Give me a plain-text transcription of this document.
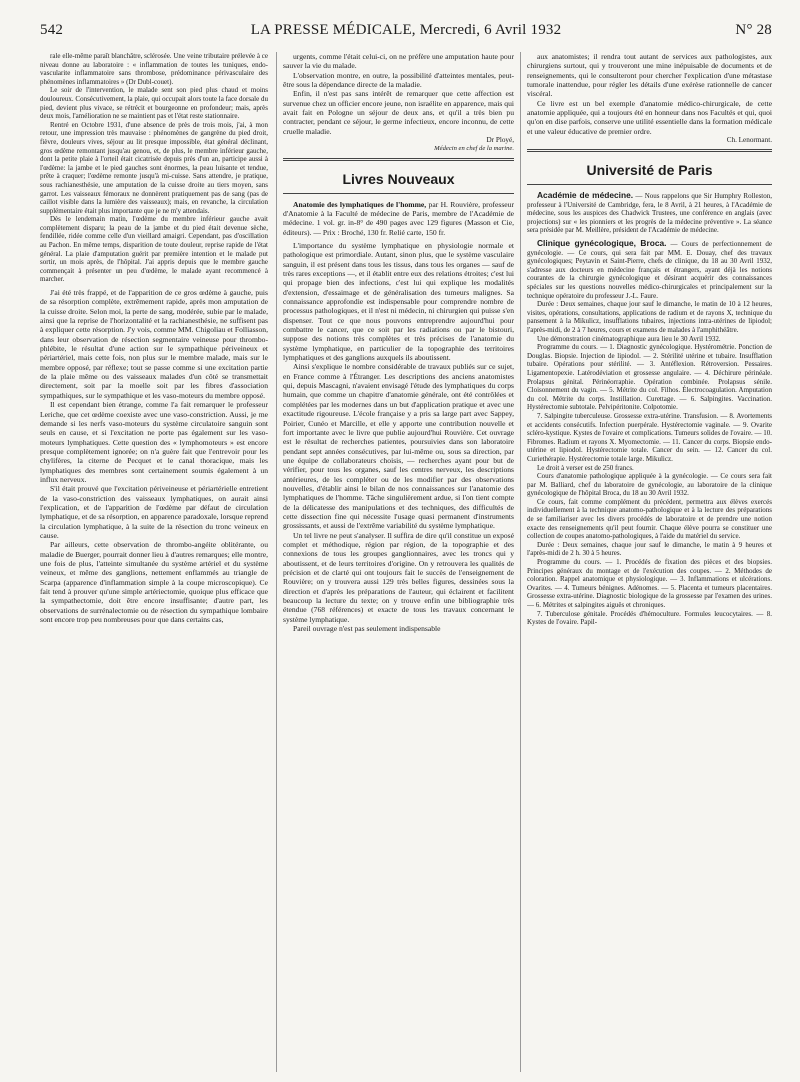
542	LA PRESSE MÉDICALE, Mercredi, 6 Avril 1932	N° 28

rale elle-même paraît blanchâtre, sclérosée. Une veine tributaire prélevée à ce niveau donne au laboratoire : « inflammation de toutes les tuniques, endo-vascularite inflammatoire sans thrombose, prédominance périvasculaire des phénomènes inflammatoires » (Dr Dubl-couet).

Le soir de l'intervention, le malade sent son pied plus chaud et moins douloureux. Consécutivement, la plaie, qui occupait alors toute la face dorsale du pied, devient plus vivace, se rétrécit et bourgeonne en profondeur; mais, après deux mois, l'amélioration ne se maintient pas et l'état reste stationnaire.

Rentré en Octobre 1931, d'une absence de près de trois mois, j'ai, à mon retour, une impression très mauvaise : phénomènes de gangrène du pied droit, fièvre, douleurs vives, séjour au lit presque impossible, état général déclinant, gros œdème remontant jusqu'au genou, et, de plus, le membre inférieur gauche, dont la petite plaie à l'orteil était cicatrisée depuis près d'un an, participe aussi à l'œdème: la jambe et le pied gauches sont énormes, la peau luisante et tendue, prête à craquer; l'œdème remonte jusqu'à mi-cuisse. Sans attendre, je pratique, sous rachianesthésie, une amputation de la cuisse droite au tiers moyen, sans garrot. Les vaisseaux fémoraux ne donnèrent pratiquement pas de sang (pas de caillot visible dans la lumière des vaisseaux); mais, en revanche, la circulation supplémentaire était plus importante que je ne m'y attendais.

Dès le lendemain matin, l'œdème du membre inférieur gauche avait complètement disparu; la peau de la jambe et du pied était devenue sèche, fendillée, ridée comme celle d'un vieillard amaigri. Cependant, pas d'oscillation au Pachon. En même temps, disparition de toute douleur, reprise rapide de l'état général. La plaie d'amputation guérit par première intention et le malade put sortir, un mois après, de l'hôpital. J'ai appris depuis que le membre gauche commençait à présenter un peu d'œdème, le malade ayant recommencé à marcher.

J'ai été très frappé, et de l'apparition de ce gros œdème à gauche, puis de sa résorption complète, extrêmement rapide, après mon amputation de la cuisse droite. Selon moi, la perte de sang, modérée, subie par le malade, ainsi que la reprise de l'horizontalité et la rachianesthésie, ne suffisent pas à expliquer cette résorption. J'y vois, comme MM. Chigoliau et Folliasson, dans leur observation de résection segmentaire veineuse pour thrombo-phlébite, le résultat d'une action sur le sympathique périveineux et périartériel, mais cette fois, non plus sur le membre malade, mais sur le membre opposé, par réflexe; tout se passe comme si une excitation partie de la plaie même ou des vaisseaux malades d'un côté se transmettait directement, soit par la moelle soit par les fibres d'association sympathiques, sur le sympathique et les vaso-moteurs du membre opposé.

Il est cependant bien étrange, comme l'a fait remarquer le professeur Leriche, que cet œdème coexiste avec une vaso-constriction. Aussi, je me demande si les nerfs vaso-moteurs du système circulatoire sanguin sont seuls en cause, et si l'excitation ne porte pas également sur les vaso-moteurs lymphatiques. Cette question des « lymphomoteurs » est encore presque complètement ignorée; on n'a guère fait que l'entrevoir pour les chylifères, la citerne de Pecquet et le canal thoracique, mais les lymphatiques des membres sont certainement soumis également à un influx nerveux.

S'il était prouvé que l'excitation périveineuse et périartérielle entretient de la vaso-constriction des vaisseaux lymphatiques, on aurait ainsi l'explication, et de l'apparition de l'œdème par défaut de circulation lymphatique, et de sa résorption, en apparence paradoxale, lorsque reprend la circulation lymphatique, à la suite de la résection du tronc veineux en cause.

Par ailleurs, cette observation de thrombo-angéite oblitérante, ou maladie de Buerger, pourrait donner lieu à d'autres remarques; elle montre, une fois de plus, l'atteinte simultanée du système artériel et du système veineux, et même des ganglions, nettement enflammés au triangle de Scarpa (apparence d'inflammation simple à la coupe microscopique). Ce fait tend à prouver qu'une simple artériectomie, quoique plus efficace que la sympathectomie, doit être encore insuffisante; d'autre part, les observations de surrénalectomie ou de résection du sympathique lombaire sont encore trop peu nombreuses pour que dans certains cas,

urgents, comme l'était celui-ci, on ne préfère une amputation haute pour sauver la vie du malade.

L'observation montre, en outre, la possibilité d'atteintes mentales, peut-être sous la dépendance directe de la maladie.

Enfin, il n'est pas sans intérêt de remarquer que cette affection est survenue chez un officier encore jeune, non israélite en apparence, mais qui avait fait en Pologne un séjour de deux ans, et qu'il a très bien pu contracter, pendant ce séjour, le germe infectieux, encore inconnu, de cette cruelle maladie.

Dr Ployé,
Médecin en chef de la marine.
Livres Nouveaux

Anatomie des lymphatiques de l'homme, par H. Rouvière, professeur d'Anatomie à la Faculté de médecine de Paris, membre de l'Académie de médecine. 1 vol. gr. in-8° de 490 pages avec 129 figures (Masson et Cie, éditeurs). — Prix : Broché, 130 fr. Relié carte, 150 fr.

L'importance du système lymphatique en physiologie normale et pathologique est primordiale. Autant, sinon plus, que le système vasculaire sanguin, il est présent dans tous les tissus, dans tous les organes — sauf de très rares exceptions —, et il établit entre eux des relations étroites; c'est lui qui propage bien des infections, c'est lui qui explique les modalités d'extension, d'essaimage et de généralisation des tumeurs malignes. Sa connaissance approfondie est indispensable pour comprendre nombre de processus pathologiques, et il n'est ni médecin, ni chirurgien qui puisse s'en dispenser. Tout ce que nous pouvons entreprendre aujourd'hui pour combattre le cancer, que ce soit par les radiations ou par le bistouri, suppose des notions très complètes et très précises de l'anatomie du système lymphatique, en particulier de la topographie des territoires lymphatiques et des ganglions auxquels ils aboutissent.

Ainsi s'explique le nombre considérable de travaux publiés sur ce sujet, en France comme à l'Étranger. Les descriptions des anciens anatomistes qui, depuis Mascagni, n'avaient envisagé l'étude des lymphatiques du corps humain, que comme un chapitre d'anatomie générale, ont été contrôlées et complétées par les modernes dans un but d'application pratique et avec une exactitude rigoureuse. L'école française y a pris sa large part avec Sappey, Poirier, Cunéo et Marcille, et elle y apporte une contribution nouvelle et fort importante avec le livre que publie aujourd'hui Rouvière. Cet ouvrage est le résultat de recherches patientes, poursuivies dans son laboratoire pendant sept années consécutives, par lui-même ou, sous sa direction, par une équipe de collaborateurs choisis, — recherches ayant pour but de vérifier, pour tous les organes, sauf les centres nerveux, les descriptions antérieures, de les compléter ou de les modifier par des observations nouvelles, d'établir ainsi le bilan de nos connaissances sur l'anatomie des lymphatiques de l'homme. Tâche singulièrement ardue, si l'on tient compte de la délicatesse des manipulations et des techniques, des difficultés de cette dissection fine qui nécessite l'usage quasi permanent d'instruments grossissants, et aussi de l'extrême variabilité du système lymphatique.

Un tel livre ne peut s'analyser. Il suffira de dire qu'il constitue un exposé complet et méthodique, région par région, de la topographie et des connexions de tous les groupes ganglionnaires, avec les troncs qui y aboutissent, et de leurs territoires d'origine. On y retrouvera les qualités de précision et de clarté qui ont toujours fait le succès de l'enseignement de Rouvière; on y trouvera aussi 129 très belles figures, dessinées sous la direction et d'après les préparations de l'auteur, qui éclairent et facilitent beaucoup la lecture du texte; on y trouve enfin une bibliographie très étendue (768 références) et exacte de tous les travaux concernant le système lymphatique.

Pareil ouvrage n'est pas seulement indispensable

aux anatomistes; il rendra tout autant de services aux pathologistes, aux chirurgiens surtout, qui y trouveront une mine inépuisable de documents et de renseignements, qui le consulteront pour chercher l'explication d'une métastase tumorale inattendue, pour régler les détails d'une exérèse rationnelle de cancer viscéral.

Ce livre est un bel exemple d'anatomie médico-chirurgicale, de cette anatomie appliquée, qui a toujours été en honneur dans nos Facultés et qui, quoi qu'on en dise parfois, conserve une utilité essentielle dans la formation médicale et une valeur éducative de premier ordre.

Ch. Lenormant.
Université de Paris

Académie de médecine. — Nous rappelons que Sir Humphry Rolleston, professeur à l'Université de Cambridge, fera, le 8 Avril, à 21 heures, à l'Académie de médecine, sous les auspices des Chadwick Trustees, une conférence en anglais (avec projections) sur « les pionniers et les progrès de la médecine préventive ». La séance sera présidée par M. Meillère, président de l'Académie de médecine.

Clinique gynécologique, Broca. — Cours de perfectionnement de gynécologie. — Ce cours, qui sera fait par MM. E. Douay, chef des travaux gynécologiques; Peytavin et Saint-Pierre, chefs de clinique, du 18 au 30 Avril 1932, s'adresse aux docteurs en médecine français et étrangers, ayant déjà les notions courantes de la chirurgie gynécologique et désirant acquérir des connaissances spéciales sur les questions nouvelles médico-chirurgicales et principalement sur la technique opératoire du professeur J.-L. Faure.

Durée : Deux semaines, chaque jour sauf le dimanche, le matin de 10 à 12 heures, visites, opérations, consultations, applications de radium et de rayons X, technique du pansement à la Mikulicz, insufflations tubaires, injections intra-utérines de lipiodol; l'après-midi, de 2 à 7 heures, cours et examens de malades à l'amphithéâtre.

Une démonstration cinématographique aura lieu le 30 Avril 1932.

Programme du cours. — 1. Diagnostic gynécologique. Hystérométrie. Ponction de Douglas. Biopsie. Injection de lipiodol. — 2. Stérilité utérine et tubaire. Insufflation tubaire. Opérations pour stérilité. — 3. Antéflexion. Rétroversion. Pessaires. Ligamentopexie. Latérodéviation et grossesse angulaire. — 4. Déchirure périnéale. Prolapsus génital. Périnéorraphie. Opération combinée. Prolapsus sénile. Cloisonnement du vagin. — 5. Métrite du col. Filhos. Électrocoagulation. Amputation du col. Métrite du corps. Instillation. Curettage. — 6. Salpingites. Vaccination. Hystérectomie subtotale. Pelvipéritonite. Colpotomie.

7. Salpingite tuberculeuse. Grossesse extra-utérine. Transfusion. — 8. Avortements et accidents consécutifs. Infection puerpérale. Hystérectomie vaginale. — 9. Ovarite scléro-kystique. Kystes de l'ovaire et complications. Tumeurs solides de l'ovaire. — 10. Fibromes. Radium et rayons X. Myomectomie. — 11. Cancer du corps. Biopsie endo-utérine et lipiodol. Hystérectomie totale. Cancer du sein. — 12. Cancer du col. Curiethérapie. Hystérectomie totale large. Mikulicz.

Le droit à verser est de 250 francs.

Cours d'anatomie pathologique appliquée à la gynécologie. — Ce cours sera fait par M. Balliard, chef du laboratoire de gynécologie, au laboratoire de la clinique gynécologique de l'hôpital Broca, du 18 au 30 Avril 1932.

Ce cours, fait comme complément du précédent, permettra aux élèves exercés individuellement à la technique anatomo-pathologique et à la lecture des préparations de se familiariser avec les divers procédés de laboratoire et de prendre une notion exacte des renseignements qu'il peut fournir. Chaque élève pourra se constituer une collection de coupes anatomo-pathologiques, à l'aide du matériel du service.

Durée : Deux semaines, chaque jour sauf le dimanche, le matin à 9 heures et l'après-midi de 2 h. 30 à 5 heures.

Programme du cours. — 1. Procédés de fixation des pièces et des biopsies. Principes généraux du montage et de l'exécution des coupes. — 2. Méthodes de coloration. Rappel anatomique et physiologique. — 3. Inflammations et ulcérations. Ovarites. — 4. Tumeurs bénignes. Adénomes. — 5. Placenta et tumeurs placentaires. Grossesse extra-utérine. Diagnostic biologique de la grossesse par l'examen des urines. — 6. Métrites et salpingites aiguës et chroniques.

7. Tuberculose génitale. Procédés d'hémoculture. Formules leucocytaires. — 8. Kystes de l'ovaire. Papil-
